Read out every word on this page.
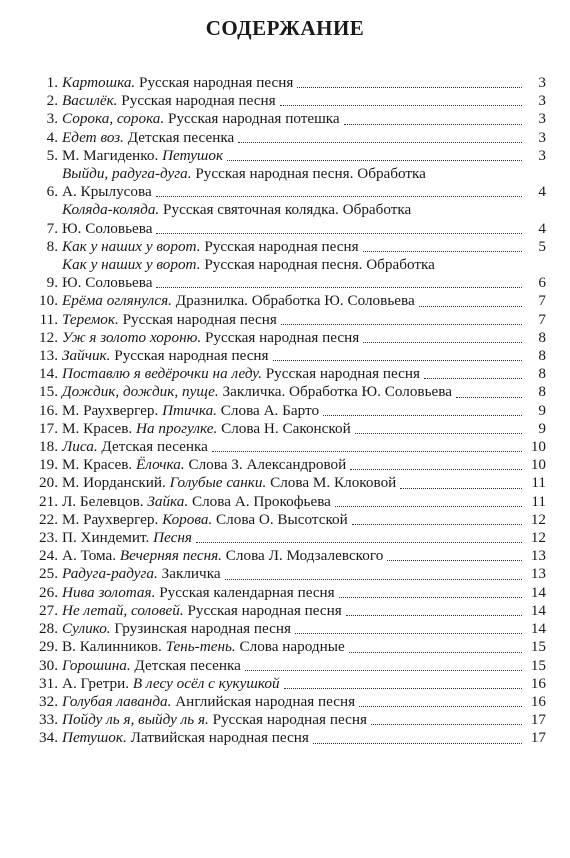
СОДЕРЖАНИЕ
1. Картошка. Русская народная песня	3
2. Василёк. Русская народная песня	3
3. Сорока, сорока. Русская народная потешка	3
4. Едет воз. Детская песенка	3
5. М. Магиденко. Петушок	3
6.
Выйди, радуга-дуга. Русская народная песня. Обработка
А. Крылусова	4
7.
Коляда-коляда. Русская святочная колядка. Обработка
Ю. Соловьева	4
8. Как у наших у ворот. Русская народная песня	5
9.
Как у наших у ворот. Русская народная песня. Обработка
Ю. Соловьева	6
10. Ерёма оглянулся. Дразнилка. Обработка Ю. Соловьева	7
11. Теремок. Русская народная песня	7
12. Уж я золото хороню. Русская народная песня	8
13. Зайчик. Русская народная песня	8
14. Поставлю я ведёрочки на леду. Русская народная песня	8
15. Дождик, дождик, пуще. Закличка. Обработка Ю. Соловьева	8
16. М. Раухвергер. Птичка. Слова А. Барто	9
17. М. Красев. На прогулке. Слова Н. Саконской	9
18. Лиса. Детская песенка	10
19. М. Красев. Ёлочка. Слова З. Александровой	10
20. М. Иорданский. Голубые санки. Слова М. Клоковой	11
21. Л. Белевцов. Зайка. Слова А. Прокофьева	11
22. М. Раухвергер. Корова. Слова О. Высотской	12
23. П. Хиндемит. Песня	12
24. А. Тома. Вечерняя песня. Слова Л. Модзалевского	13
25. Радуга-радуга. Закличка	13
26. Нива золотая. Русская календарная песня	14
27. Не летай, соловей. Русская народная песня	14
28. Сулико. Грузинская народная песня	14
29. В. Калинников. Тень-тень. Слова народные	15
30. Горошина. Детская песенка	15
31. А. Гретри. В лесу осёл с кукушкой	16
32. Голубая лаванда. Английская народная песня	16
33. Пойду ль я, выйду ль я. Русская народная песня	17
34. Петушок. Латвийская народная песня	17
